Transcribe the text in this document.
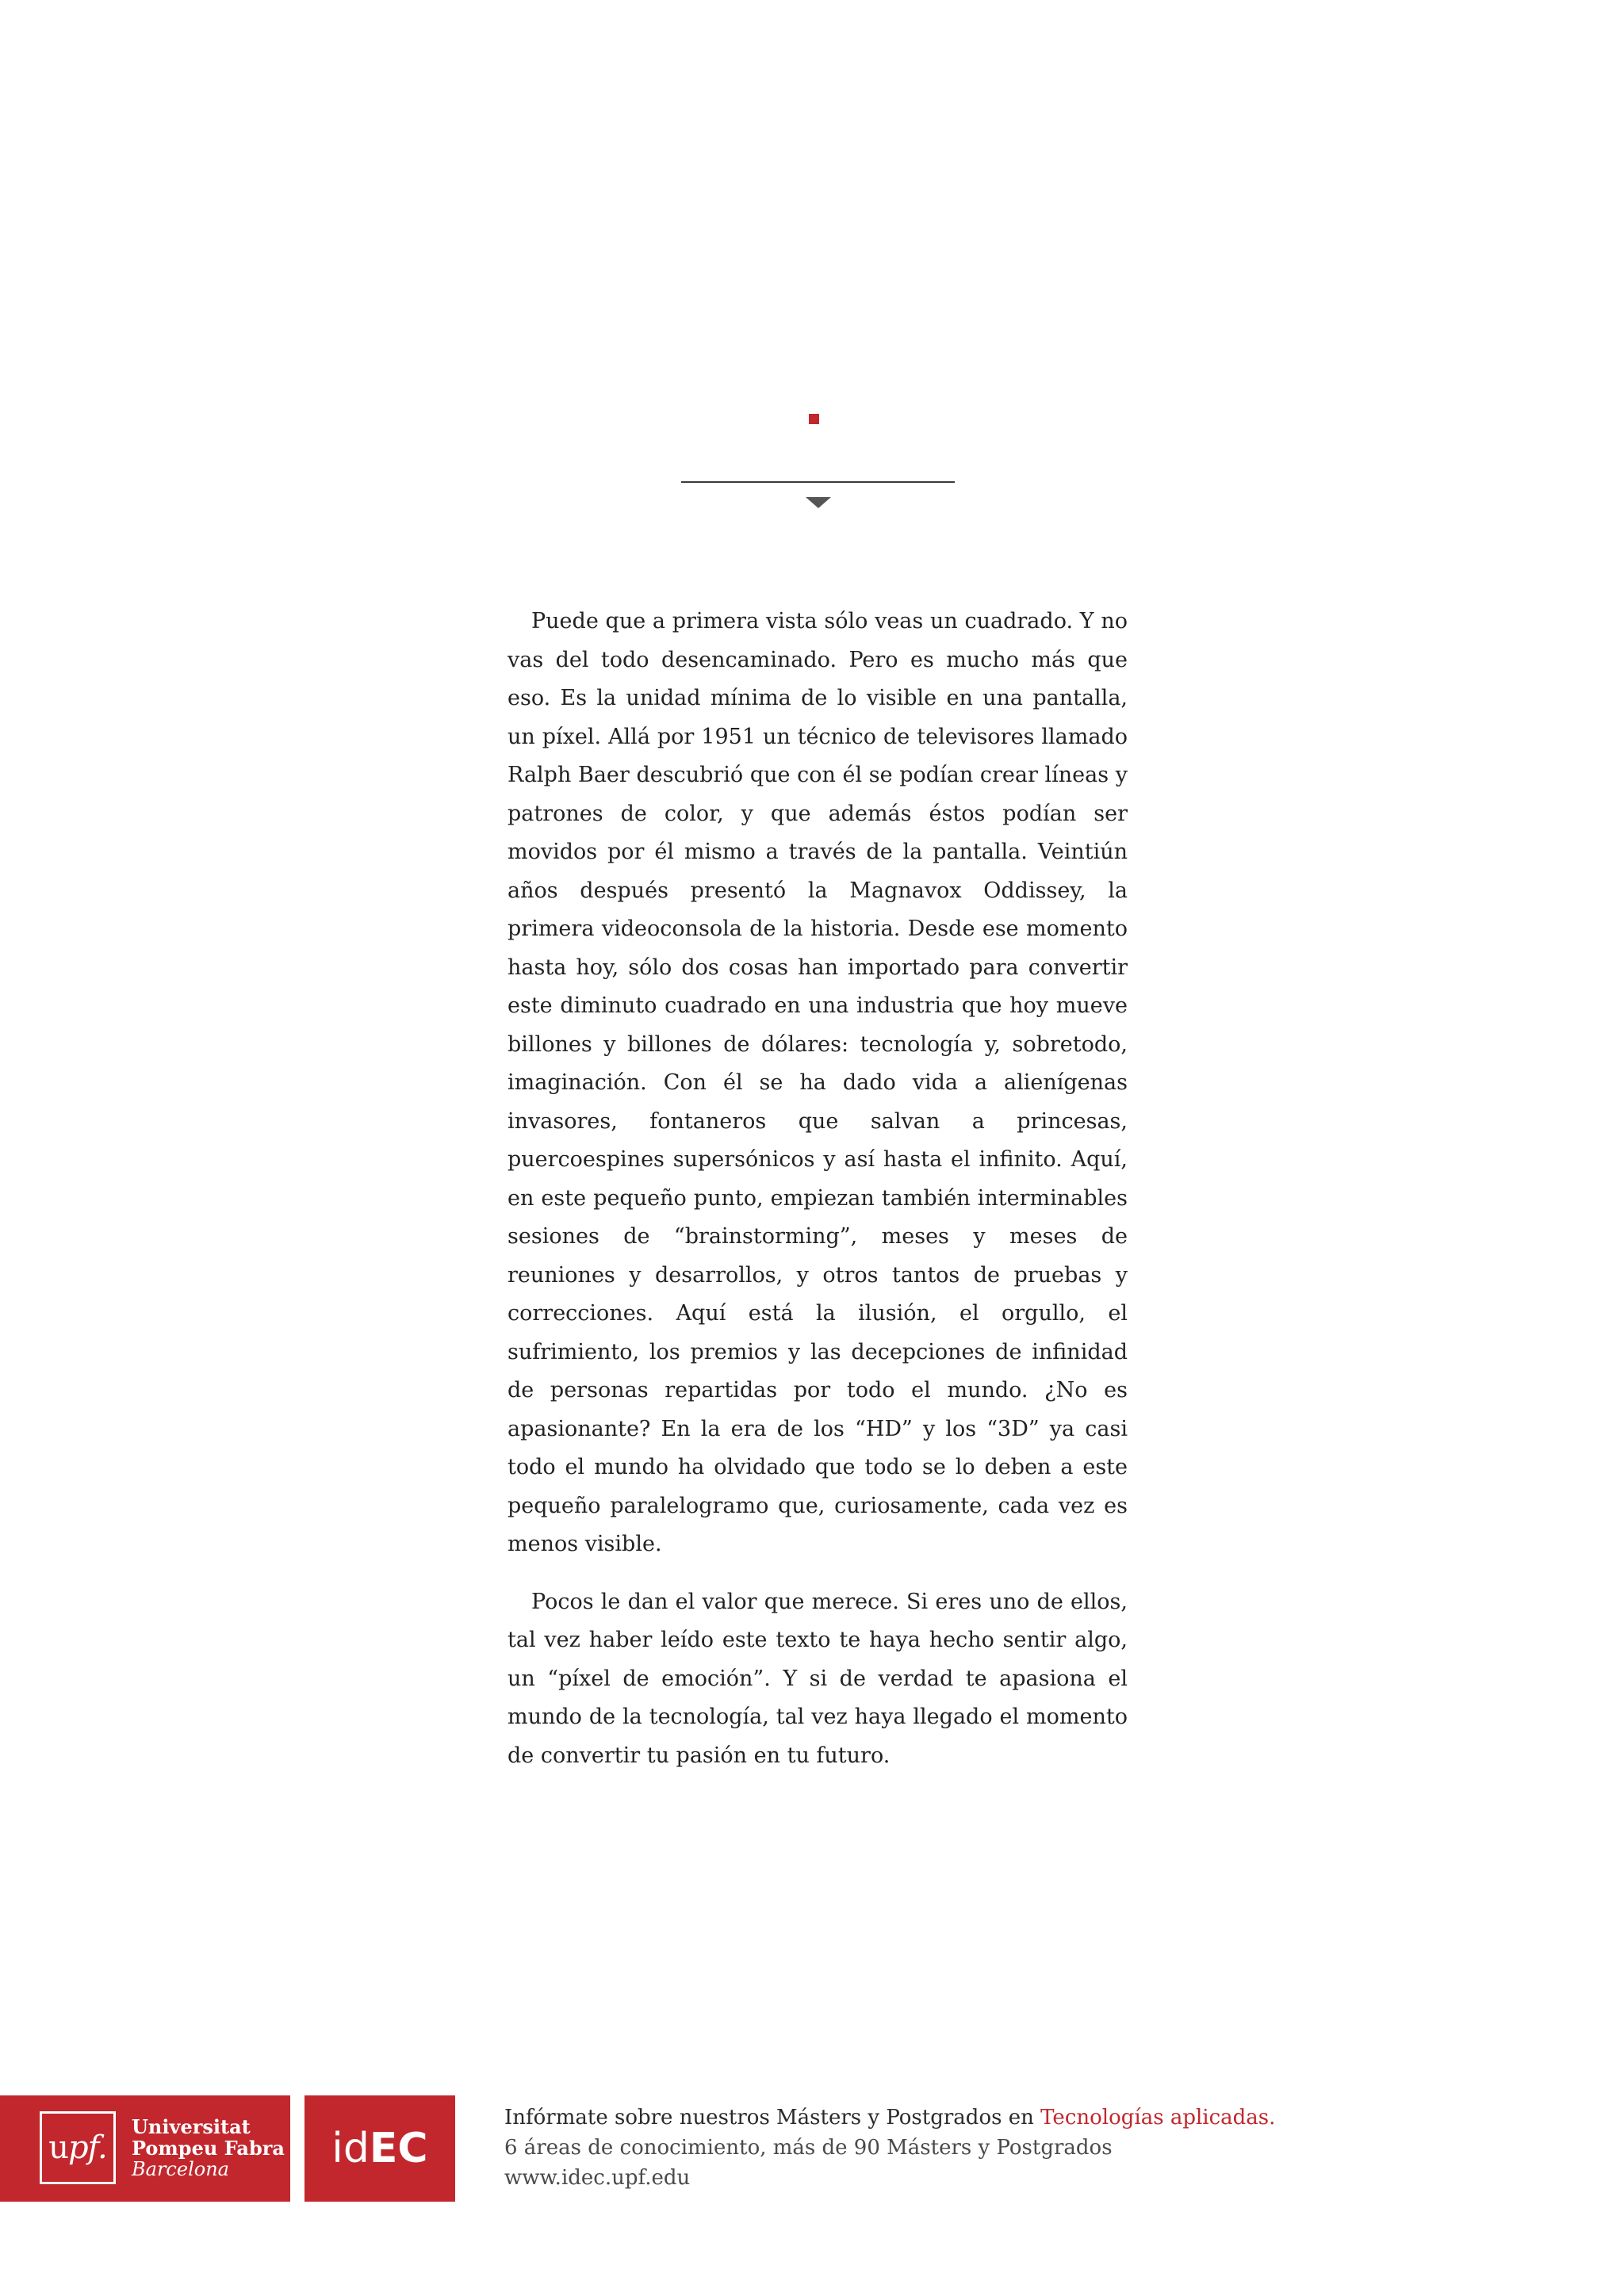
Puede que a primera vista sólo veas un cuadrado. Y no vas del todo desencaminado. Pero es mucho más que eso. Es la unidad mínima de lo visible en una pantalla, un píxel. Allá por 1951 un técnico de televisores llamado Ralph Baer descubrió que con él se podían crear líneas y patrones de color, y que además éstos podían ser movidos por él mismo a través de la pantalla. Veintiún años después presentó la Magnavox Oddissey, la primera videoconsola de la historia. Desde ese momento hasta hoy, sólo dos cosas han importado para convertir este diminuto cuadrado en una industria que hoy mueve billones y billones de dólares: tecnología y, sobretodo, imaginación. Con él se ha dado vida a alienígenas invasores, fontaneros que salvan a princesas, puercoespines supersónicos y así hasta el infinito. Aquí, en este pequeño punto, empiezan también interminables sesiones de “brainstorming”, meses y meses de reuniones y desarrollos, y otros tantos de pruebas y correcciones. Aquí está la ilusión, el orgullo, el sufrimiento, los premios y las decepciones de infinidad de personas repartidas por todo el mundo. ¿No es apasionante? En la era de los “HD” y los “3D” ya casi todo el mundo ha olvidado que todo se lo deben a este pequeño paralelogramo que, curiosamente, cada vez es menos visible.

Pocos le dan el valor que merece. Si eres uno de ellos, tal vez haber leído este texto te haya hecho sentir algo, un “píxel de emoción”. Y si de verdad te apasiona el mundo de la tecnología, tal vez haya llegado el momento de convertir tu pasión en tu futuro.

u pf.
Universitat
Pompeu Fabra
Barcelona	id EC
Infórmate sobre nuestros Másters y Postgrados en Tecnologías aplicadas.
6 áreas de conocimiento, más de 90 Másters y Postgrados
www.idec.upf.edu
